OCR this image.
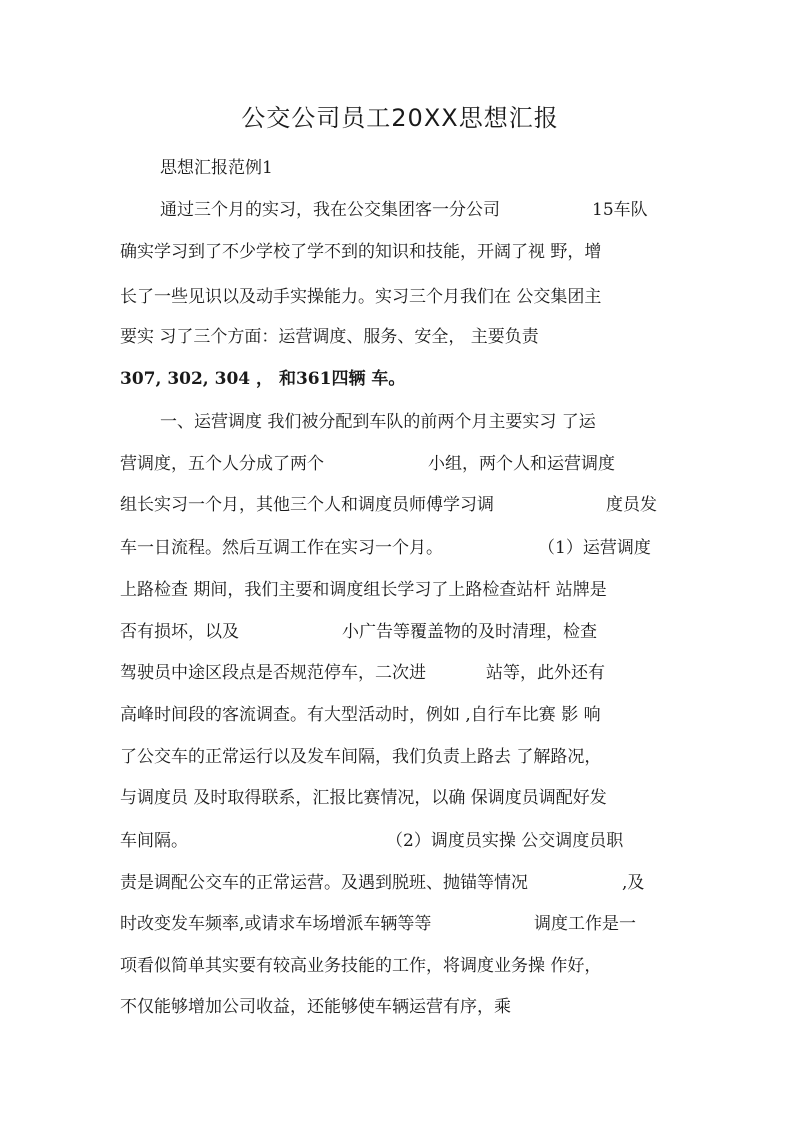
公交公司员工20XX思想汇报
思想汇报范例1
通过三个月的实习，我在公交集团客一分公司	15车队
确实学习到了不少学校了学不到的知识和技能，开阔了视 野，增
长了一些见识以及动手实操能力。实习三个月我们在 公交集团主
要实 习了三个方面：运营调度、服务、安全， 主要负责
307, 302, 304 ， 和361四辆 车。
一、运营调度 我们被分配到车队的前两个月主要实习 了运
营调度，五个人分成了两个	小组，两个人和运营调度
组长实习一个月，其他三个人和调度员师傅学习调	度员发
车一日流程。然后互调工作在实习一个月。	（1）运营调度
上路检查 期间，我们主要和调度组长学习了上路检查站杆 站牌是
否有损坏，以及	小广告等覆盖物的及时清理，检查
驾驶员中途区段点是否规范停车，二次进	站等，此外还有
高峰时间段的客流调查。有大型活动时，例如 ,自行车比赛 影 响
了公交车的正常运行以及发车间隔，我们负责上路去 了解路况，
与调度员 及时取得联系，汇报比赛情况，以确 保调度员调配好发
车间隔。	（2）调度员实操 公交调度员职
责是调配公交车的正常运营。及遇到脱班、抛锚等情况	,及
时改变发车频率,或请求车场增派车辆等等	调度工作是一
项看似简单其实要有较高业务技能的工作，将调度业务操 作好，
不仅能够增加公司收益，还能够使车辆运营有序，乘
